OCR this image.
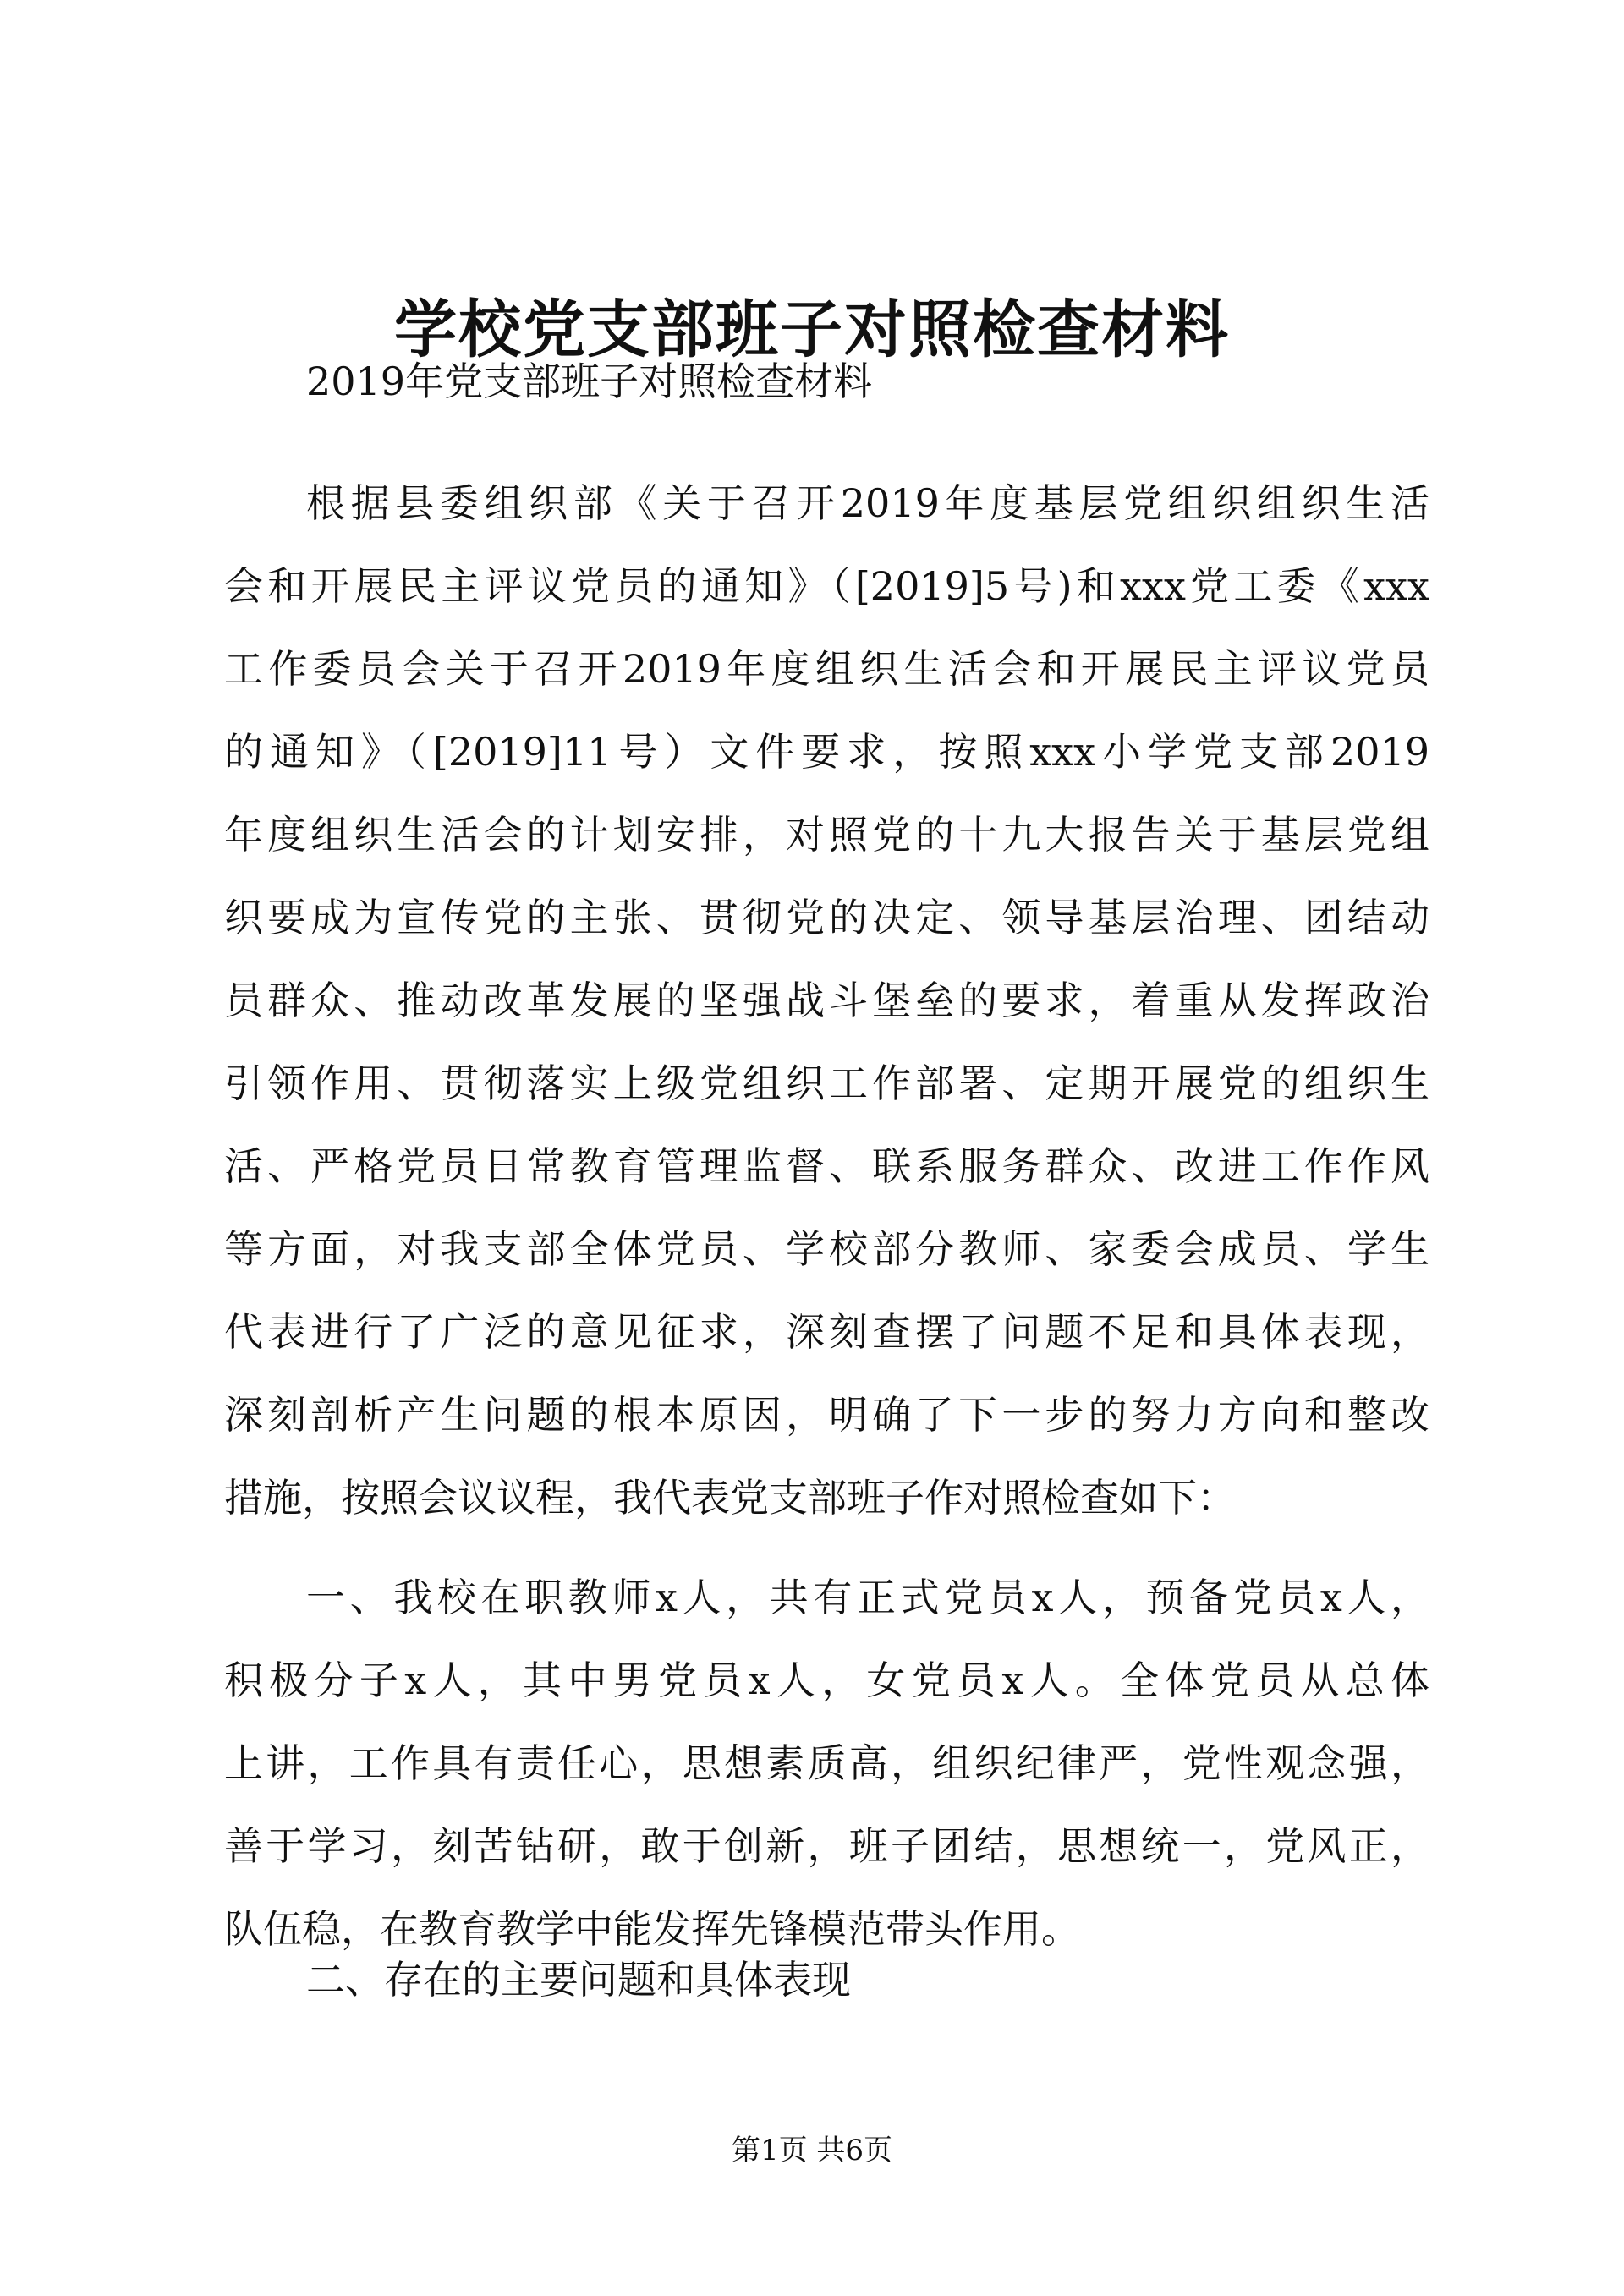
学校党支部班子对照检查材料
2019年党支部班子对照检查材料
根据县委组织部《关于召开2019年度基层党组织组织生活
会和开展民主评议党员的通知》（[2019]5号)和xxx党工委《xxx
工作委员会关于召开2019年度组织生活会和开展民主评议党员
的通知》（[2019]11号）文件要求，按照xxx小学党支部2019
年度组织生活会的计划安排，对照党的十九大报告关于基层党组
织要成为宣传党的主张、贯彻党的决定、领导基层治理、团结动
员群众、推动改革发展的坚强战斗堡垒的要求，着重从发挥政治
引领作用、贯彻落实上级党组织工作部署、定期开展党的组织生
活、严格党员日常教育管理监督、联系服务群众、改进工作作风
等方面，对我支部全体党员、学校部分教师、家委会成员、学生
代表进行了广泛的意见征求，深刻查摆了问题不足和具体表现，
深刻剖析产生问题的根本原因，明确了下一步的努力方向和整改
措施，按照会议议程，我代表党支部班子作对照检查如下：
一、我校在职教师x人，共有正式党员x人，预备党员x人，
积极分子x人，其中男党员x人，女党员x人。全体党员从总体
上讲，工作具有责任心，思想素质高，组织纪律严，党性观念强，
善于学习，刻苦钻研，敢于创新，班子团结，思想统一，党风正，
队伍稳，在教育教学中能发挥先锋模范带头作用。
二、存在的主要问题和具体表现
第1页 共6页
